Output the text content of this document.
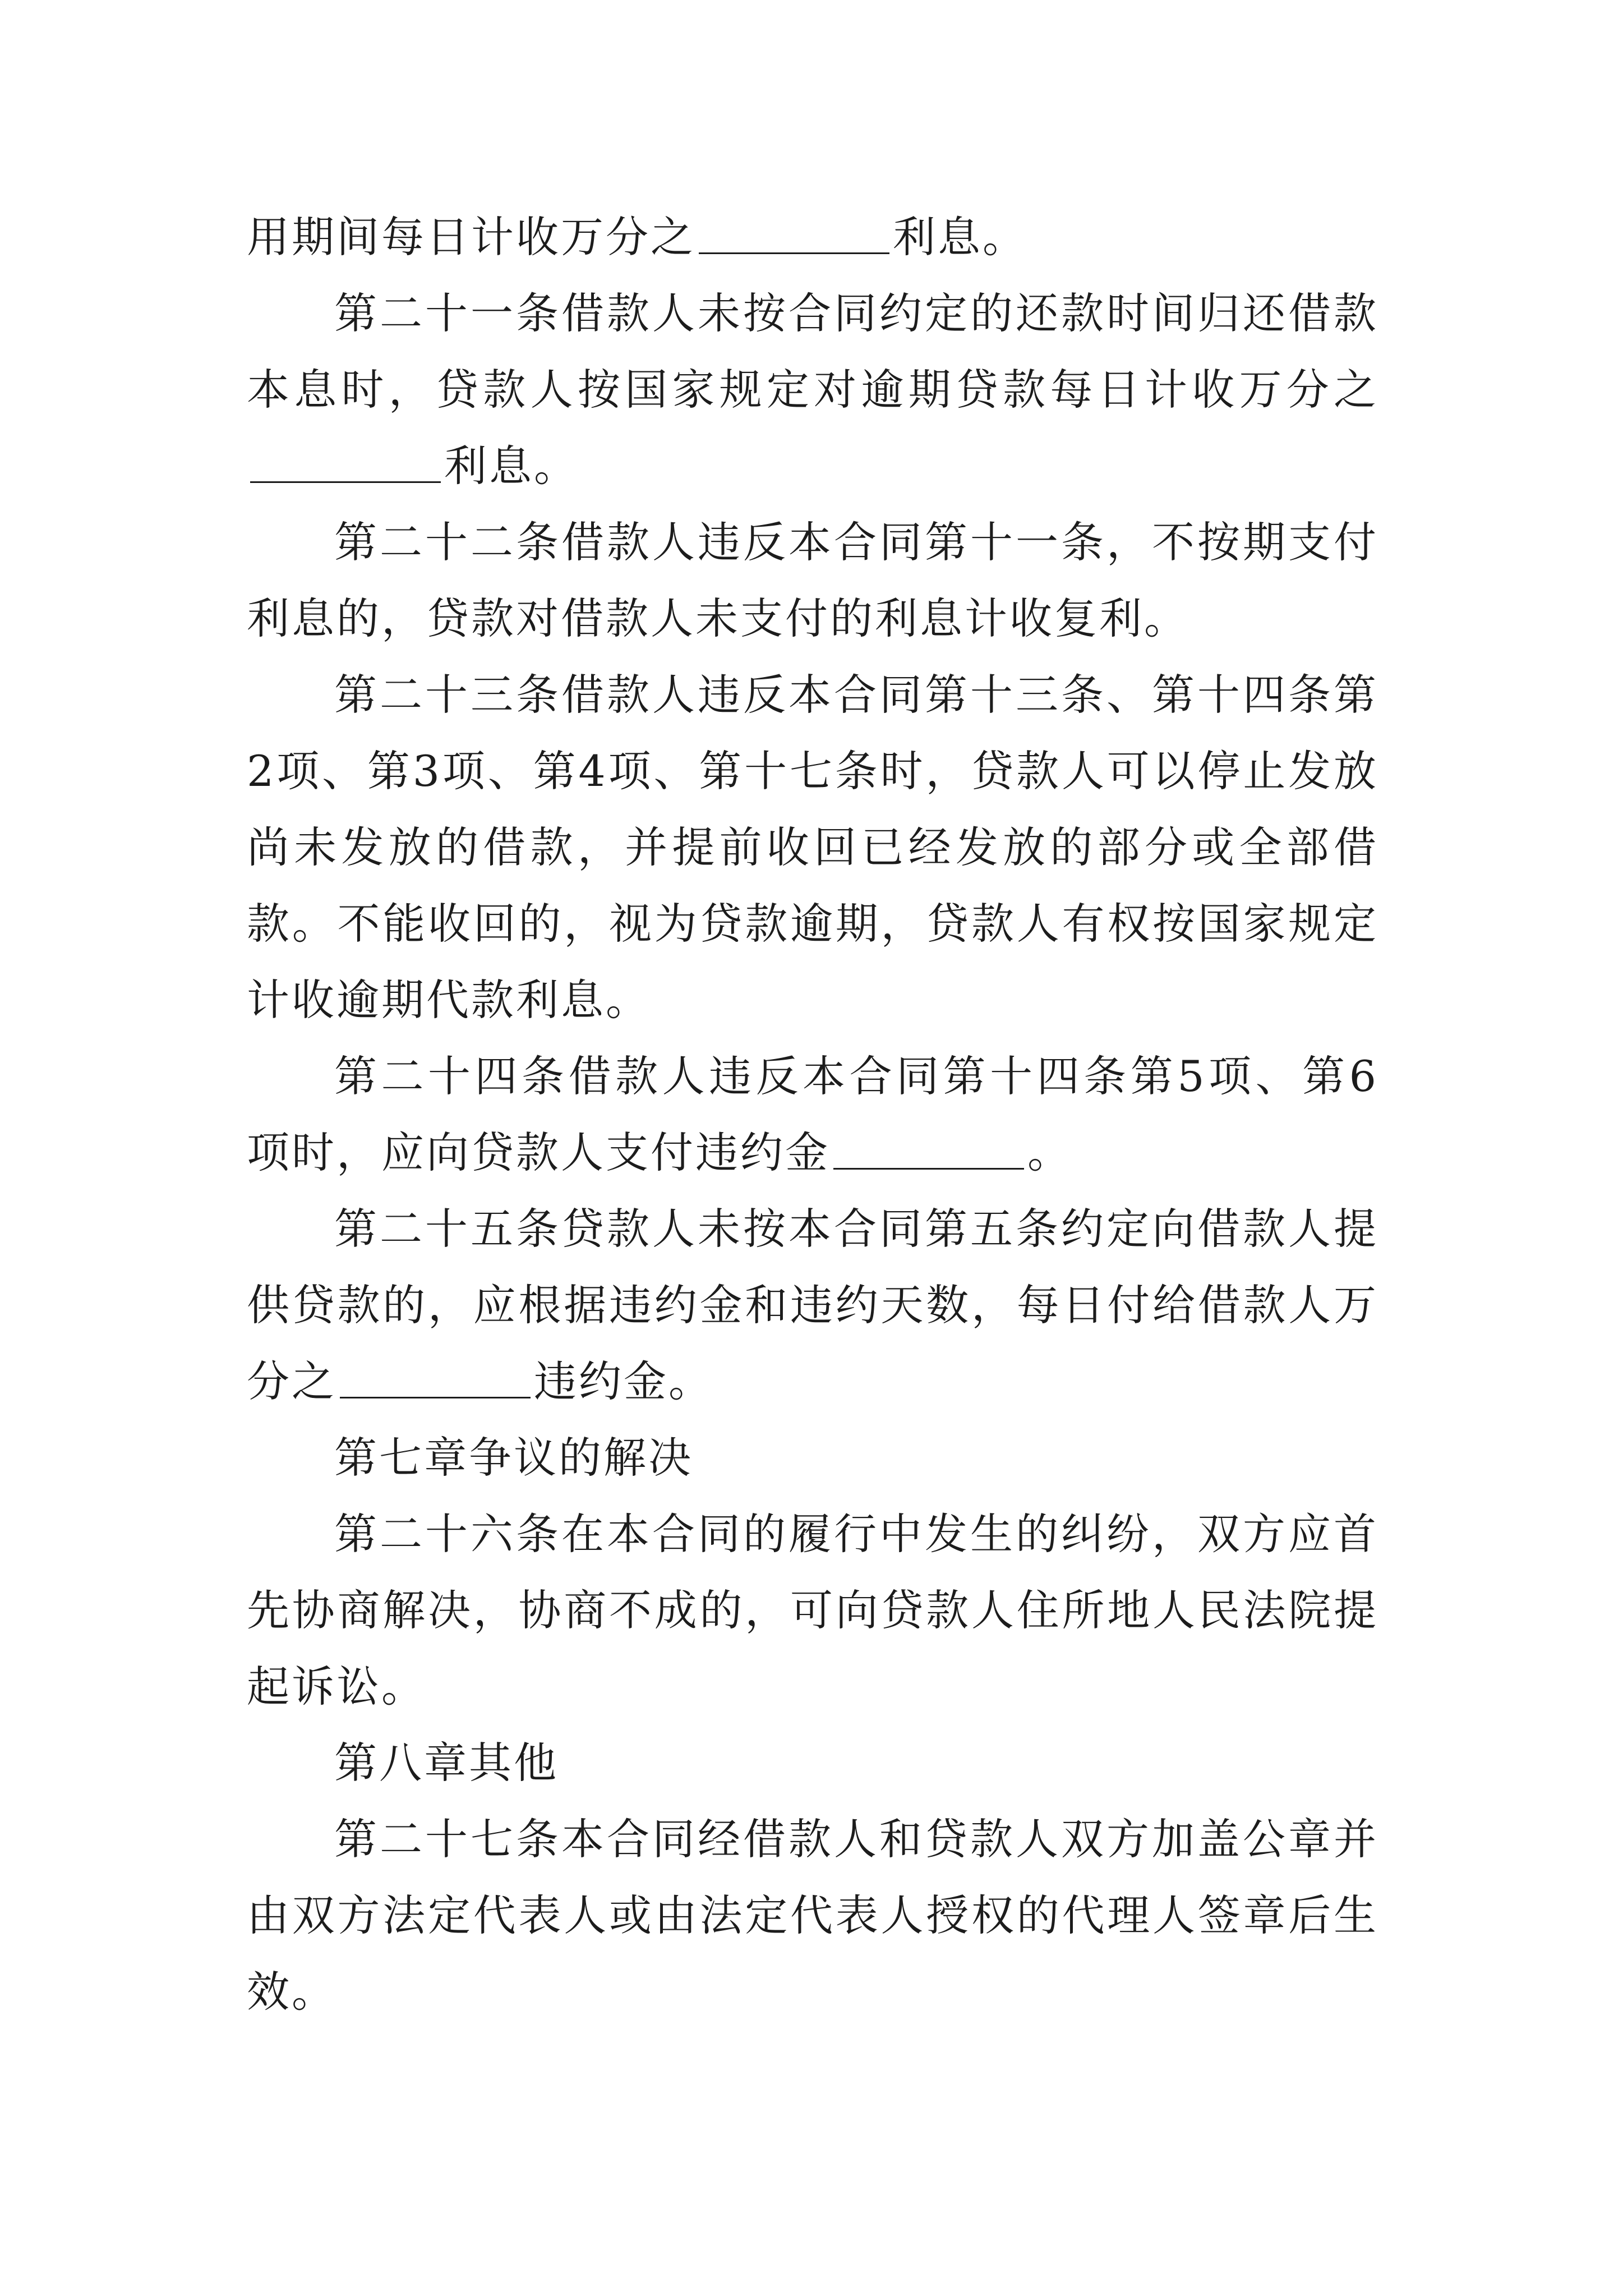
用期间每日计收万分之	利息。

第二十一条借款人未按合同约定的还款时间归还借款本息时，贷款人按国家规定对逾期贷款每日计收万分之利息。

第二十二条借款人违反本合同第十一条，不按期支付利息的，贷款对借款人未支付的利息计收复利。

第二十三条借款人违反本合同第十三条、第十四条第2项、第3项、第4项、第十七条时，贷款人可以停止发放尚未发放的借款，并提前收回已经发放的部分或全部借款。不能收回的，视为贷款逾期，贷款人有权按国家规定计收逾期代款利息。

第二十四条借款人违反本合同第十四条第5项、第6项时，应向贷款人支付违约金	。

第二十五条贷款人未按本合同第五条约定向借款人提供贷款的，应根据违约金和违约天数，每日付给借款人万分之	违约金。

第七章争议的解决

第二十六条在本合同的履行中发生的纠纷，双方应首先协商解决，协商不成的，可向贷款人住所地人民法院提起诉讼。

第八章其他

第二十七条本合同经借款人和贷款人双方加盖公章并由双方法定代表人或由法定代表人授权的代理人签章后生效。
